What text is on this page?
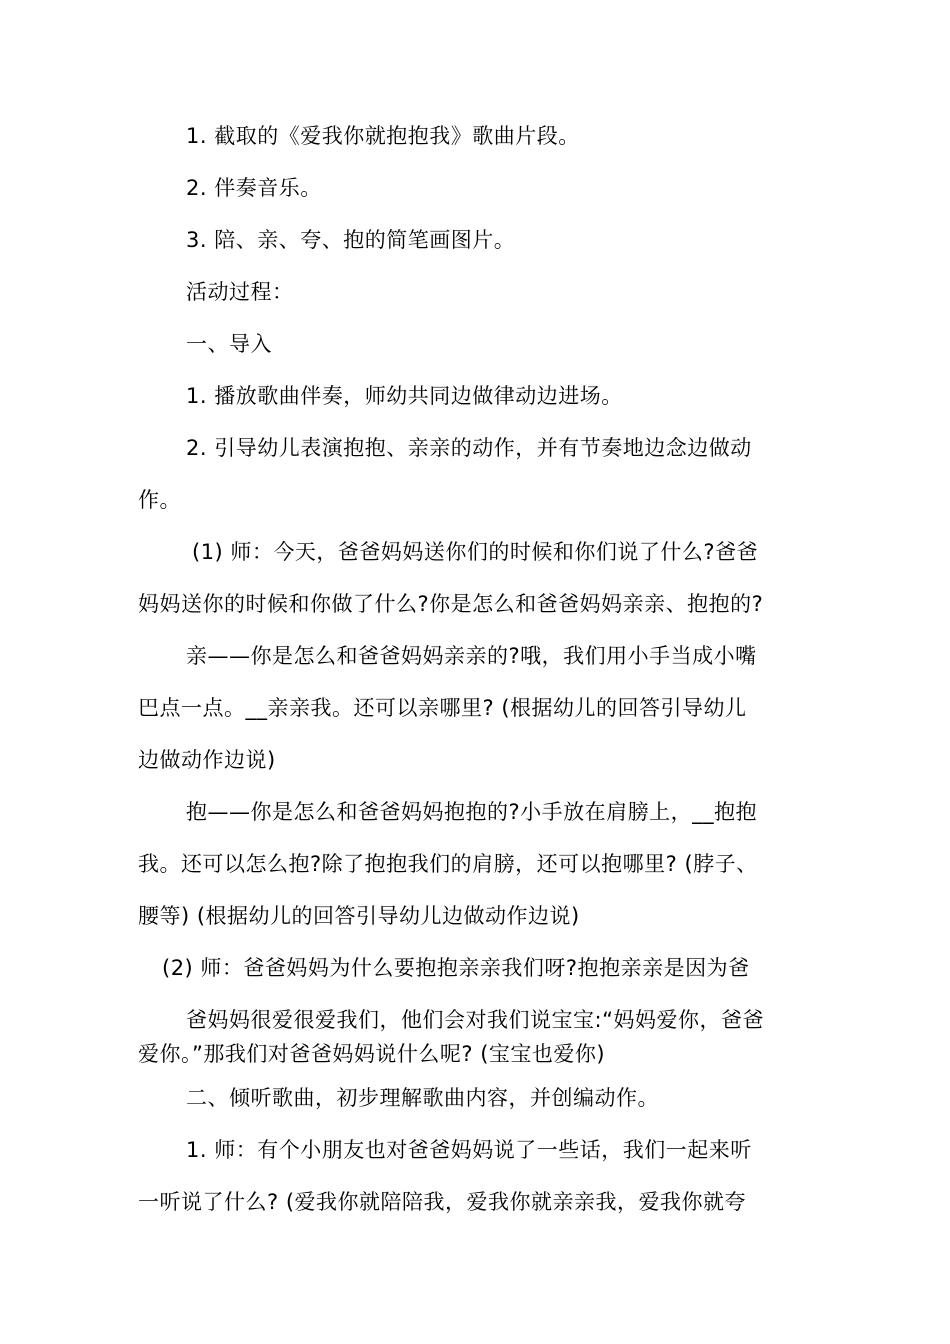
1. 截取的《爱我你就抱抱我》歌曲片段。
2. 伴奏音乐。
3. 陪、亲、夸、抱的简笔画图片。
活动过程：
一、导入
1. 播放歌曲伴奏，师幼共同边做律动边进场。
2. 引导幼儿表演抱抱、亲亲的动作，并有节奏地边念边做动
作。
(1) 师：今天，爸爸妈妈送你们的时候和你们说了什么?爸爸
妈妈送你的时候和你做了什么?你是怎么和爸爸妈妈亲亲、抱抱的?
亲——你是怎么和爸爸妈妈亲亲的?哦，我们用小手当成小嘴
巴点一点。__亲亲我。还可以亲哪里? (根据幼儿的回答引导幼儿
边做动作边说)
抱——你是怎么和爸爸妈妈抱抱的?小手放在肩膀上，__抱抱
我。还可以怎么抱?除了抱抱我们的肩膀，还可以抱哪里? (脖子、
腰等) (根据幼儿的回答引导幼儿边做动作边说)
(2) 师：爸爸妈妈为什么要抱抱亲亲我们呀?抱抱亲亲是因为爸
爸妈妈很爱很爱我们，他们会对我们说宝宝:“妈妈爱你，爸爸
爱你。”那我们对爸爸妈妈说什么呢? (宝宝也爱你)
二、倾听歌曲，初步理解歌曲内容，并创编动作。
1. 师：有个小朋友也对爸爸妈妈说了一些话，我们一起来听
一听说了什么? (爱我你就陪陪我，爱我你就亲亲我，爱我你就夸
